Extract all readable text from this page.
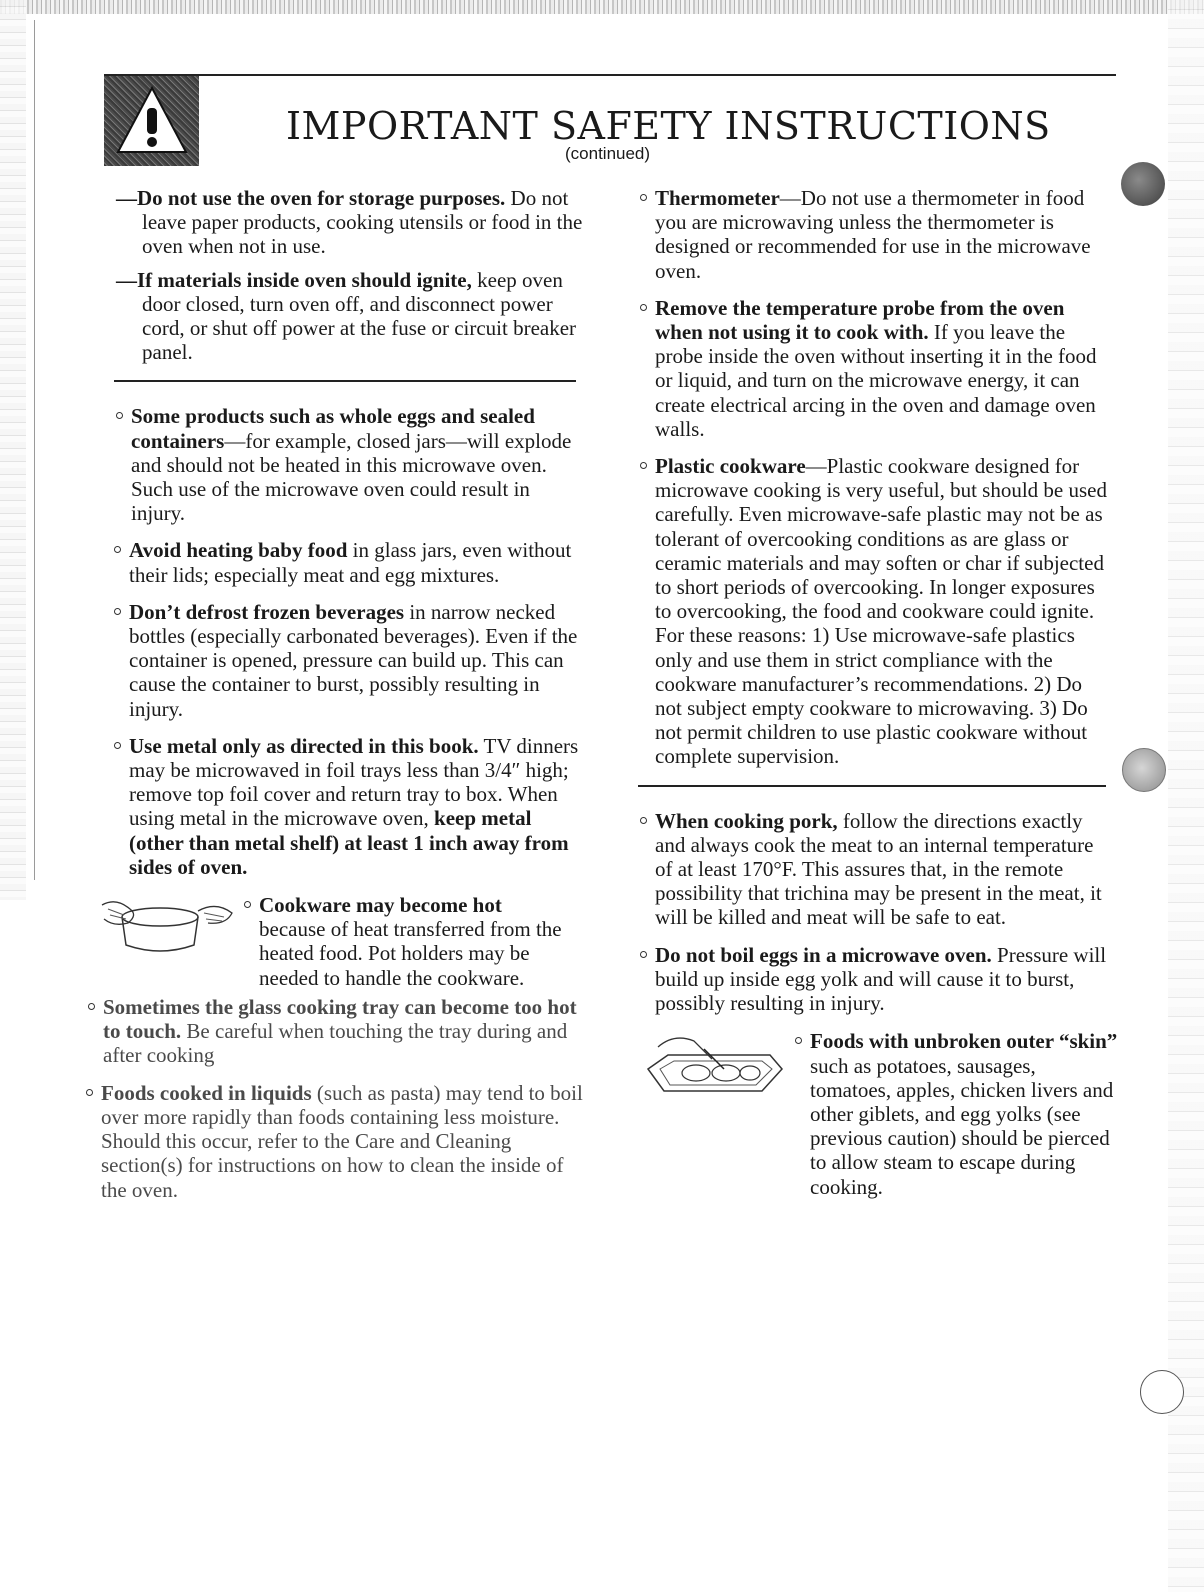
IMPORTANT SAFETY INSTRUCTIONS
(continued)

—Do not use the oven for storage purposes. Do not leave paper products, cooking utensils or food in the oven when not in use.

—If materials inside oven should ignite, keep oven door closed, turn oven off, and disconnect power cord, or shut off power at the fuse or circuit breaker panel.

Some products such as whole eggs and sealed containers—for example, closed jars—will explode and should not be heated in this microwave oven. Such use of the microwave oven could result in injury.

Avoid heating baby food in glass jars, even without their lids; especially meat and egg mixtures.

Don’t defrost frozen beverages in narrow necked bottles (especially carbonated beverages). Even if the container is opened, pressure can build up. This can cause the container to burst, possibly resulting in injury.

Use metal only as directed in this book. TV dinners may be microwaved in foil trays less than 3/4″ high; remove top foil cover and return tray to box. When using metal in the microwave oven, keep metal (other than metal shelf) at least 1 inch away from sides of oven.

Cookware may become hot because of heat transferred from the heated food. Pot holders may be needed to handle the cookware.

Sometimes the glass cooking tray can become too hot to touch. Be careful when touching the tray during and after cooking

Foods cooked in liquids (such as pasta) may tend to boil over more rapidly than foods containing less moisture. Should this occur, refer to the Care and Cleaning section(s) for instructions on how to clean the inside of the oven.

Thermometer—Do not use a thermometer in food you are microwaving unless the thermometer is designed or recommended for use in the microwave oven.

Remove the temperature probe from the oven when not using it to cook with. If you leave the probe inside the oven without inserting it in the food or liquid, and turn on the microwave energy, it can create electrical arcing in the oven and damage oven walls.

Plastic cookware—Plastic cookware designed for microwave cooking is very useful, but should be used carefully. Even microwave-safe plastic may not be as tolerant of overcooking conditions as are glass or ceramic materials and may soften or char if subjected to short periods of overcooking. In longer exposures to overcooking, the food and cookware could ignite. For these reasons: 1) Use microwave-safe plastics only and use them in strict compliance with the cookware manufacturer’s recommendations. 2) Do not subject empty cookware to microwaving. 3) Do not permit children to use plastic cookware without complete supervision.

When cooking pork, follow the directions exactly and always cook the meat to an internal temperature of at least 170°F. This assures that, in the remote possibility that trichina may be present in the meat, it will be killed and meat will be safe to eat.

Do not boil eggs in a microwave oven. Pressure will build up inside egg yolk and will cause it to burst, possibly resulting in injury.

Foods with unbroken outer “skin” such as potatoes, sausages, tomatoes, apples, chicken livers and other giblets, and egg yolks (see previous caution) should be pierced to allow steam to escape during cooking.
